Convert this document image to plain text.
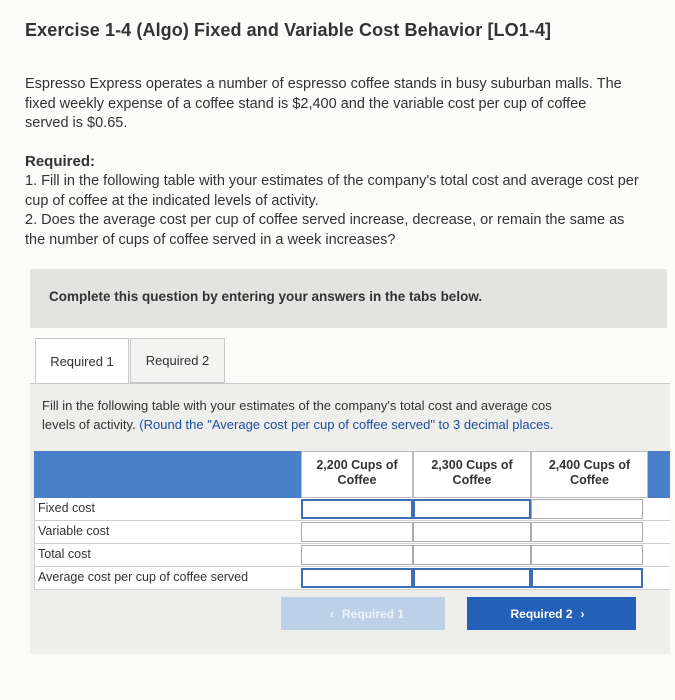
Exercise 1-4 (Algo) Fixed and Variable Cost Behavior [LO1-4]
Espresso Express operates a number of espresso coffee stands in busy suburban malls. The fixed weekly expense of a coffee stand is $2,400 and the variable cost per cup of coffee served is $0.65.
Required:
1. Fill in the following table with your estimates of the company's total cost and average cost per cup of coffee at the indicated levels of activity.
2. Does the average cost per cup of coffee served increase, decrease, or remain the same as the number of cups of coffee served in a week increases?
Complete this question by entering your answers in the tabs below.
Required 1 Required 2
Fill in the following table with your estimates of the company's total cost and average cos
levels of activity. (Round the "Average cost per cup of coffee served" to 3 decimal places.
2,200 Cups of
Coffee
2,300 Cups of
Coffee
2,400 Cups of
Coffee
Fixed cost
Variable cost
Total cost
Average cost per cup of coffee served
‹ Required 1	Required 2 ›
